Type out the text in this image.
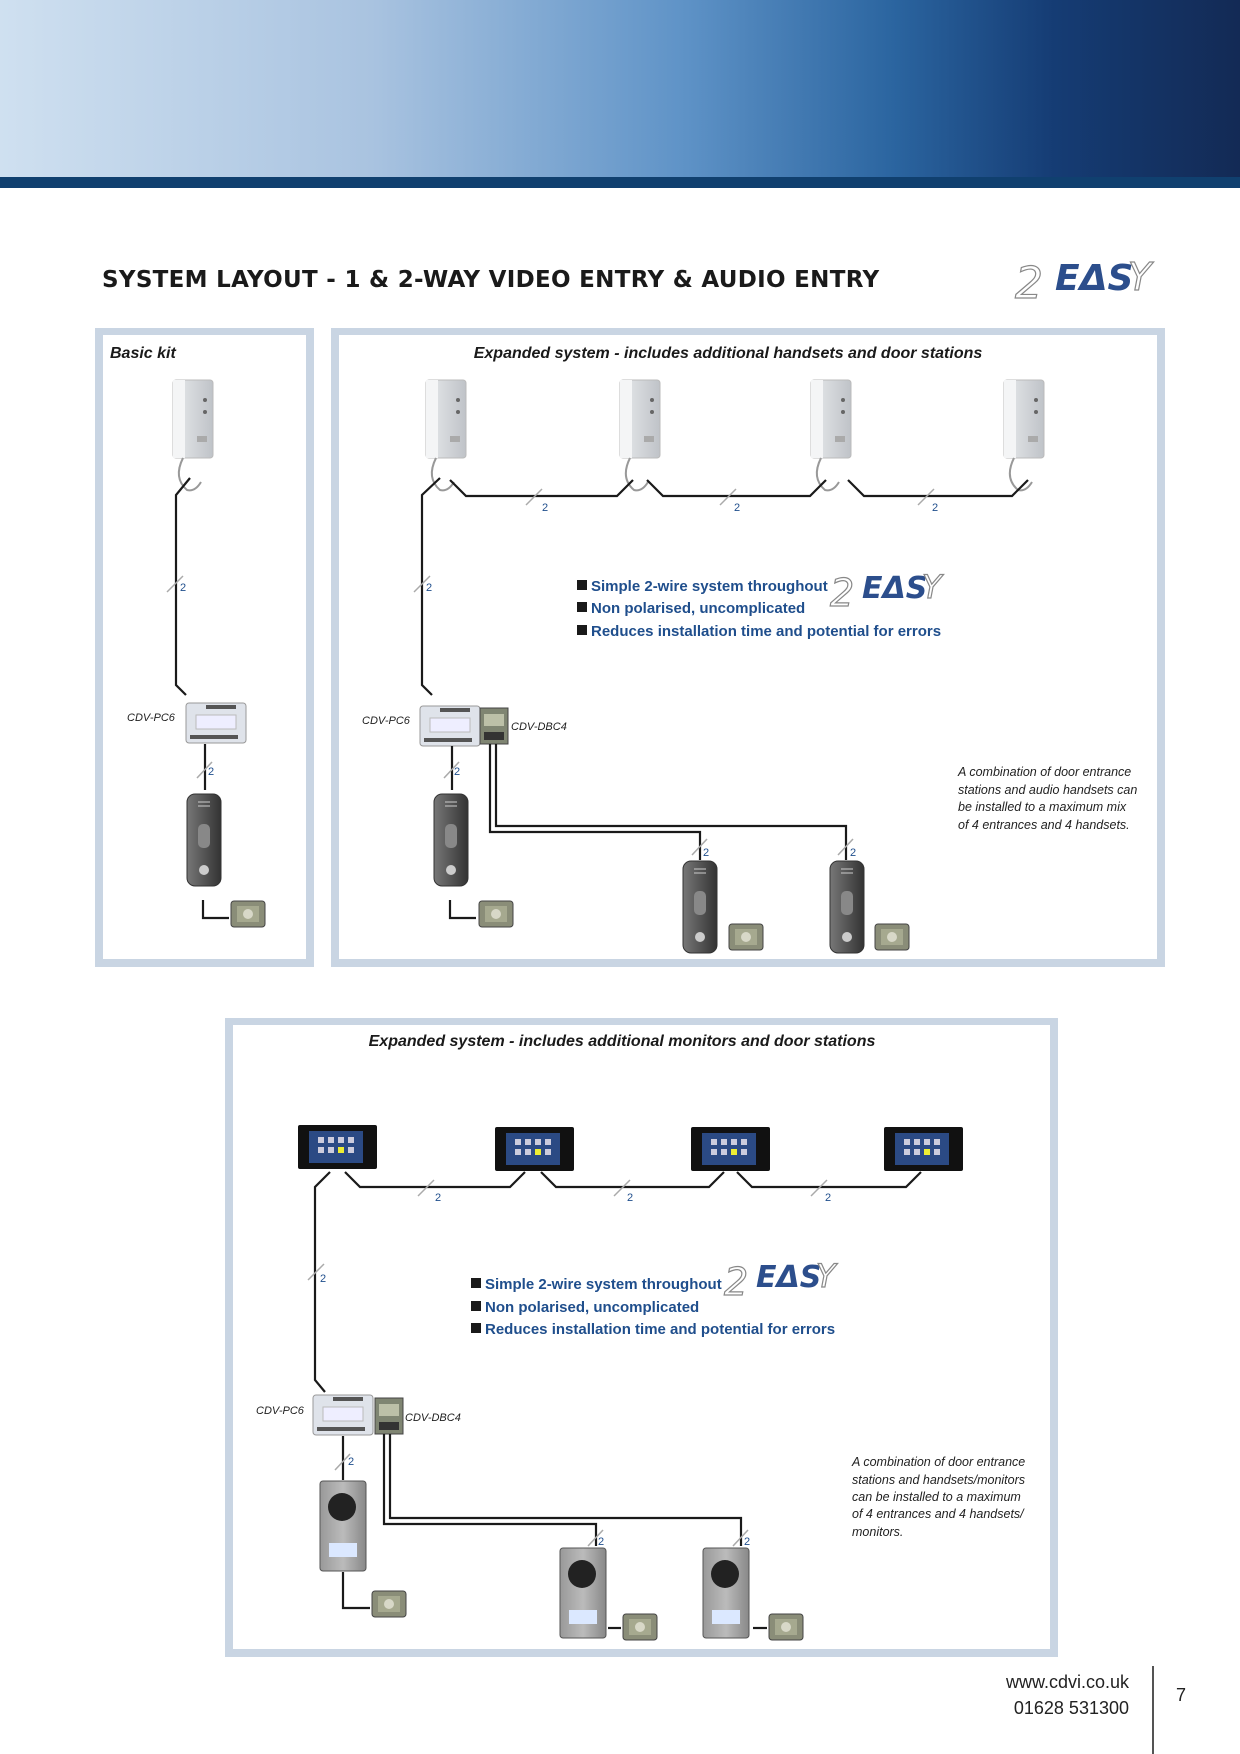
SYSTEM LAYOUT - 1 & 2-WAY VIDEO ENTRY & AUDIO ENTRY	2 EΔS
Y
Basic kit
2
CDV-PC6
2
Expanded system - includes additional handsets and door stations
2	2	2
2	Simple 2-wire system throughout
Non polarised, uncomplicated
Reduces installation time and potential for errors
2 EΔS
Y
CDV-PC6	CDV-DBC4
2
2	2
A combination of door entrance
stations and audio handsets can
be installed to a maximum mix
of 4 entrances and 4 handsets.
Expanded system - includes additional monitors and door stations
2	2	2
2	Simple 2-wire system throughout
Non polarised, uncomplicated
Reduces installation time and potential for errors
2 EΔS
Y
CDV-PC6
CDV-DBC4
2
2	2
A combination of door entrance
stations and handsets/monitors
can be installed to a maximum
of 4 entrances and 4 handsets/
monitors.
www.cdvi.co.uk
01628 531300
7
